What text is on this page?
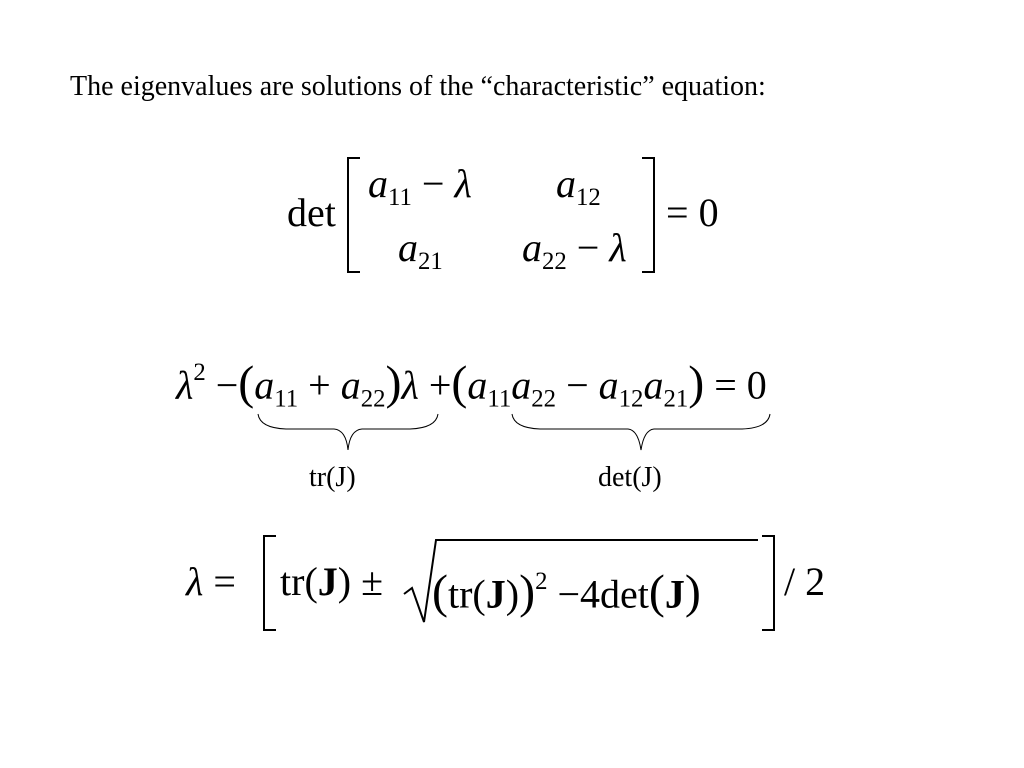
The eigenvalues are solutions of the “characteristic” equation:
det
$a_{11} - \lambda$ $a_{12}$
$a_{21}$ $a_{22} - \lambda$
= 0
$\lambda^2 -(a_{11} + a_{22})\lambda +(a_{11}a_{22} - a_{12}a_{21}) = 0$
tr(J)	det(J)
$\lambda = tr(J) \pm (tr(J))^2 -4\det(J) / 2$
